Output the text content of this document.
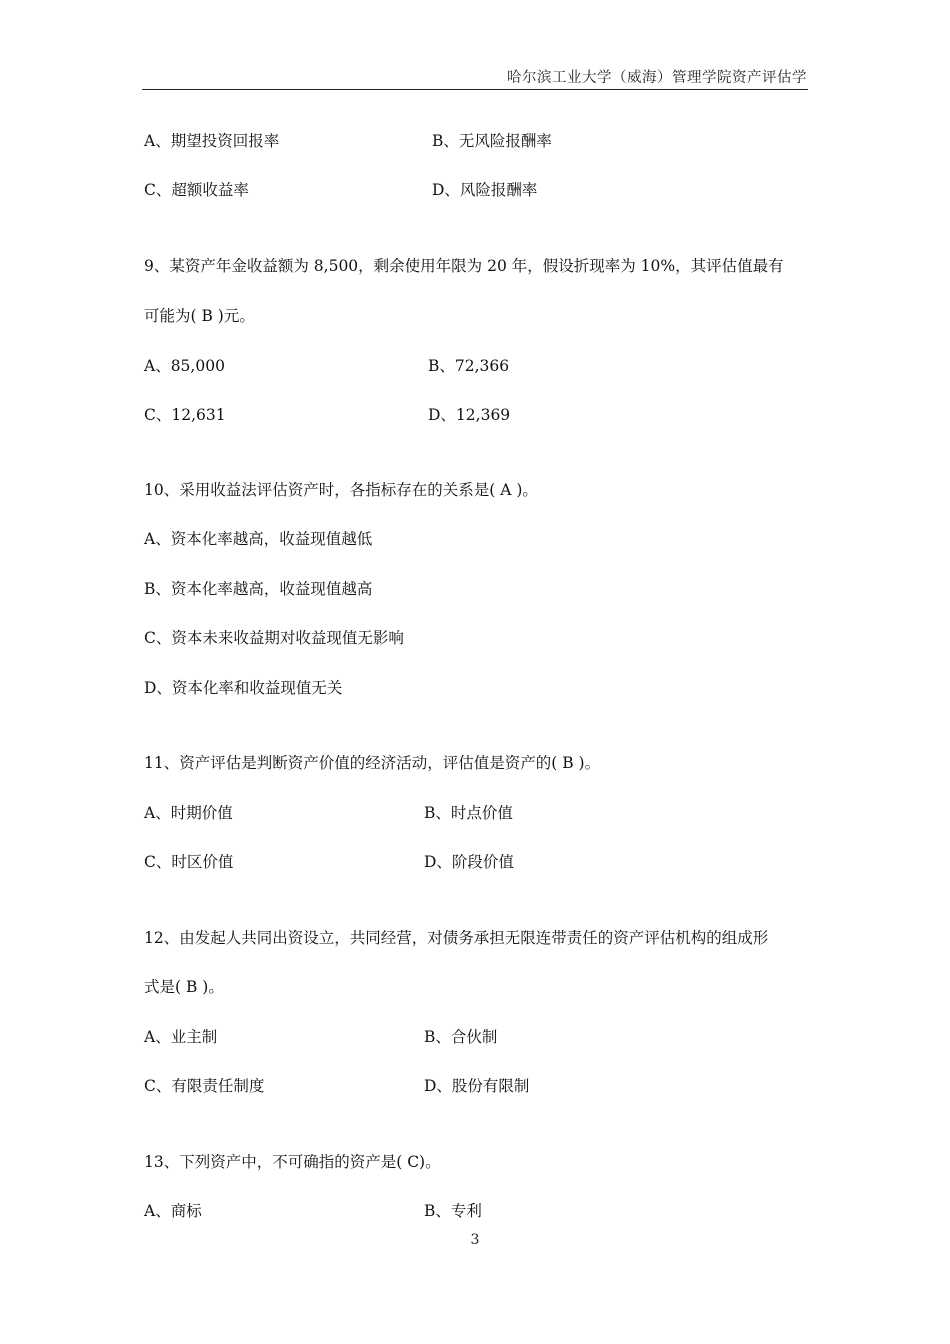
哈尔滨工业大学（威海）管理学院资产评估学
A、期望投资回报率	B、无风险报酬率
C、超额收益率	D、风险报酬率
9、某资产年金收益额为 8,500，剩余使用年限为 20 年，假设折现率为 10%，其评估值最有
可能为( B )元。
A、85,000	B、72,366
C、12,631	D、12,369
10、采用收益法评估资产时，各指标存在的关系是( A )。
A、资本化率越高，收益现值越低
B、资本化率越高，收益现值越高
C、资本未来收益期对收益现值无影响
D、资本化率和收益现值无关
11、资产评估是判断资产价值的经济活动，评估值是资产的( B )。
A、时期价值	B、时点价值
C、时区价值	D、阶段价值
12、由发起人共同出资设立，共同经营，对债务承担无限连带责任的资产评估机构的组成形
式是( B )。
A、业主制	B、合伙制
C、有限责任制度	D、股份有限制
13、下列资产中，不可确指的资产是( C)。
A、商标	B、专利
3
